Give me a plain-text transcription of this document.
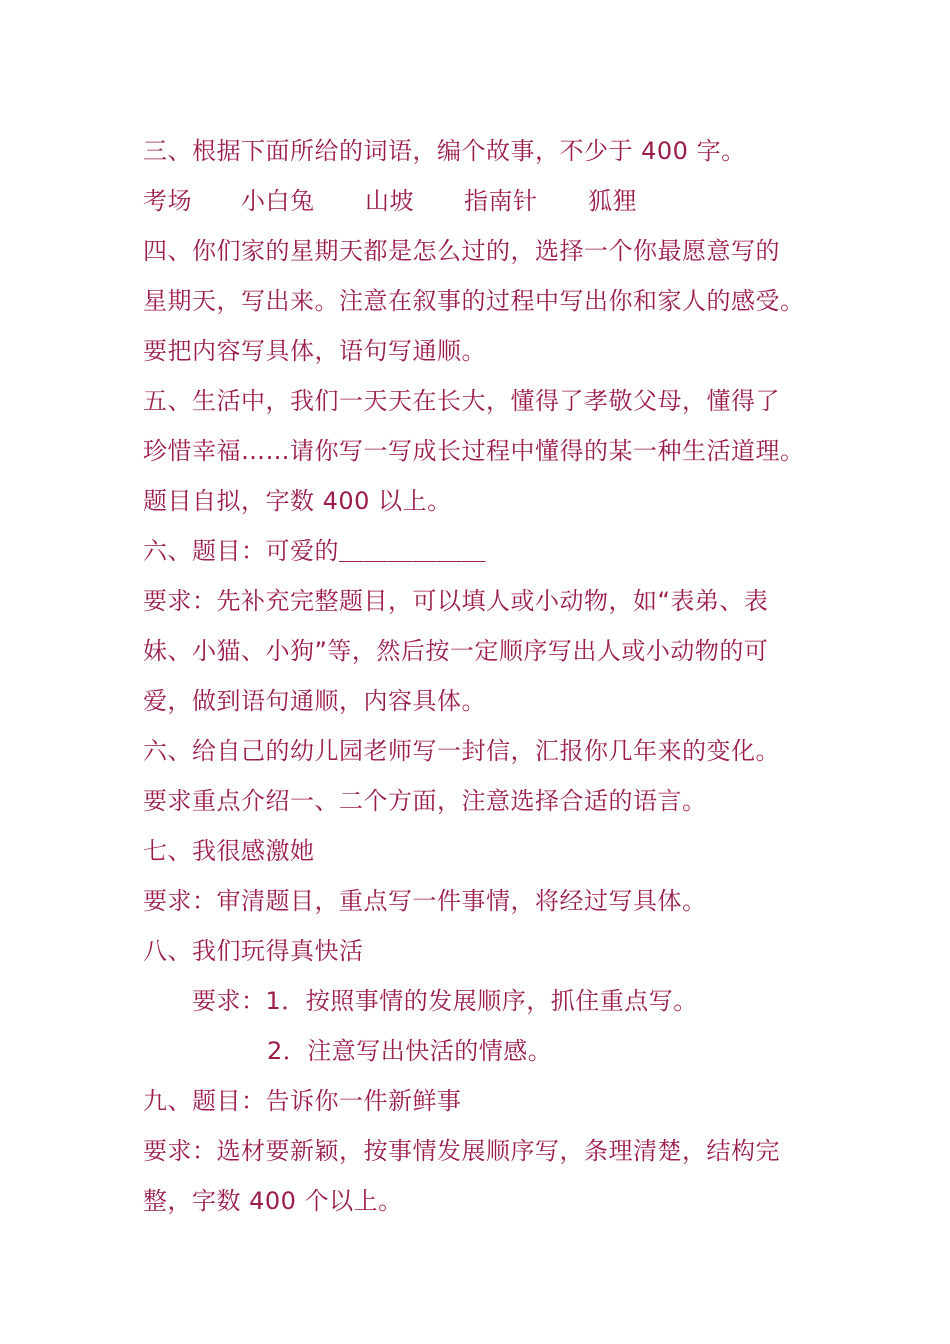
三、根据下面所给的词语，编个故事，不少于 400 字。
考场	小白兔	山坡	指南针	狐狸
四、你们家的星期天都是怎么过的，选择一个你最愿意写的
星期天，写出来。注意在叙事的过程中写出你和家人的感受。
要把内容写具体，语句写通顺。
五、生活中，我们一天天在长大，懂得了孝敬父母，懂得了
珍惜幸福……请你写一写成长过程中懂得的某一种生活道理。
题目自拟，字数 400 以上。
六、题目：可爱的＿＿＿＿＿＿
要求：先补充完整题目，可以填人或小动物，如“表弟、表
妹、小猫、小狗”等，然后按一定顺序写出人或小动物的可
爱，做到语句通顺，内容具体。
六、给自己的幼儿园老师写一封信，汇报你几年来的变化。
要求重点介绍一、二个方面，注意选择合适的语言。
七、我很感激她
要求：审清题目，重点写一件事情，将经过写具体。
八、我们玩得真快活
要求：1．按照事情的发展顺序，抓住重点写。
2．注意写出快活的情感。
九、题目：告诉你一件新鲜事
要求：选材要新颖，按事情发展顺序写，条理清楚，结构完
整，字数 400 个以上。
